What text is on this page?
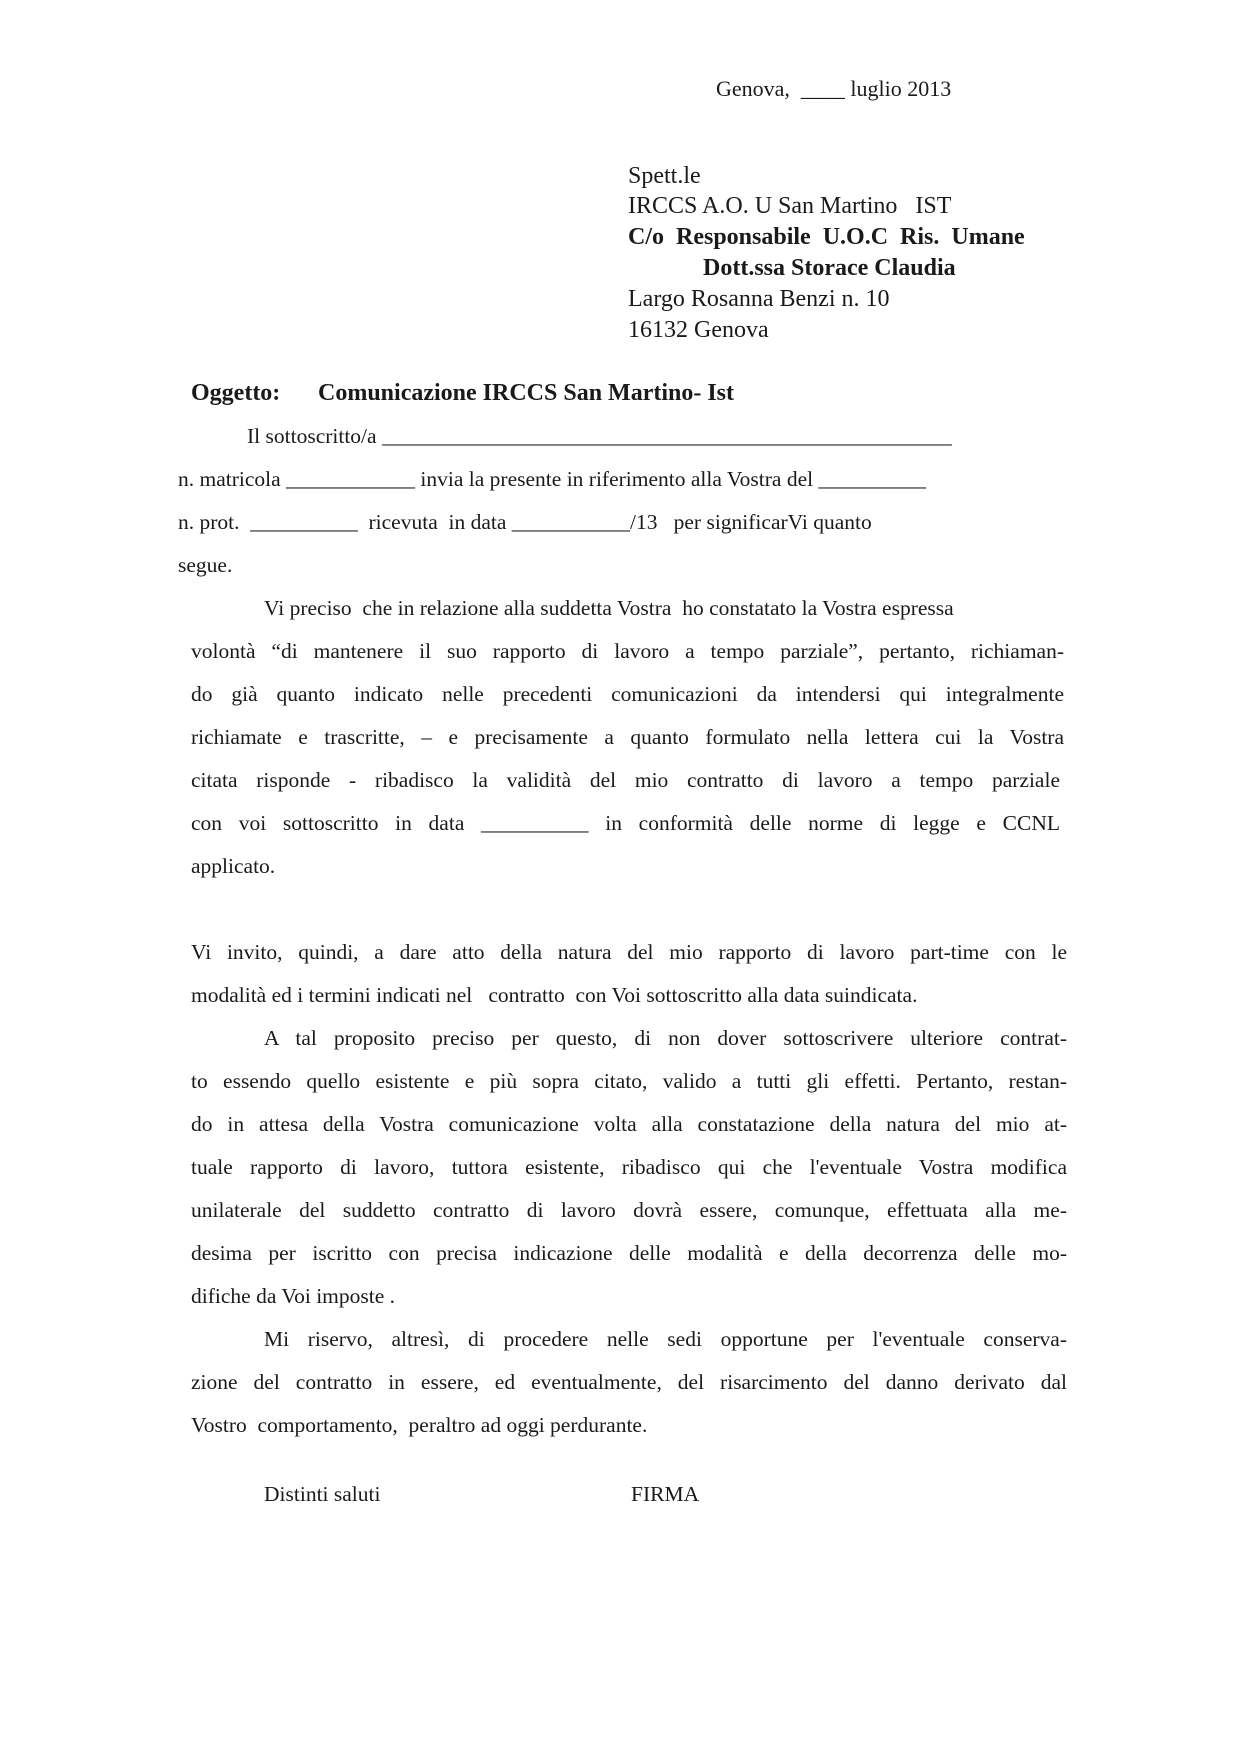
Genova,  ____ luglio 2013
Spett.le
IRCCS A.O. U San Martino   IST
C/o  Responsabile  U.O.C  Ris.  Umane
Dott.ssa Storace Claudia
Largo Rosanna Benzi n. 10
16132 Genova
Oggetto: Comunicazione IRCCS San Martino- Ist
Il sottoscritto/a _____________________________________________________
n. matricola ____________ invia la presente in riferimento alla Vostra del __________
n. prot.  __________  ricevuta  in data ___________/13   per significarVi quanto
segue.
Vi preciso  che in relazione alla suddetta Vostra  ho constatato la Vostra espressa
volontà “di mantenere il suo rapporto di lavoro a tempo parziale”, pertanto, richiaman-
do già quanto indicato nelle precedenti comunicazioni da intendersi qui integralmente
richiamate e trascritte, – e precisamente a quanto formulato nella lettera cui la Vostra
citata risponde - ribadisco la validità del mio contratto di lavoro a tempo parziale
con voi sottoscritto in data __________ in conformità delle norme di legge e CCNL
applicato.
Vi invito, quindi, a dare atto della natura del mio rapporto di lavoro part-time con le
modalità ed i termini indicati nel   contratto  con Voi sottoscritto alla data suindicata.
A tal proposito preciso per questo, di non dover sottoscrivere ulteriore contrat-
to essendo quello esistente e più sopra citato, valido a tutti gli effetti. Pertanto, restan-
do in attesa della Vostra comunicazione volta alla constatazione della natura del mio at-
tuale rapporto di lavoro, tuttora esistente, ribadisco qui che l'eventuale Vostra modifica
unilaterale del suddetto contratto di lavoro dovrà essere, comunque, effettuata alla me-
desima per iscritto con precisa indicazione delle modalità e della decorrenza delle mo-
difiche da Voi imposte .
Mi riservo, altresì, di procedere nelle sedi opportune per l'eventuale conserva-
zione del contratto in essere, ed eventualmente, del risarcimento del danno derivato dal
Vostro  comportamento,  peraltro ad oggi perdurante.
Distinti saluti	FIRMA
